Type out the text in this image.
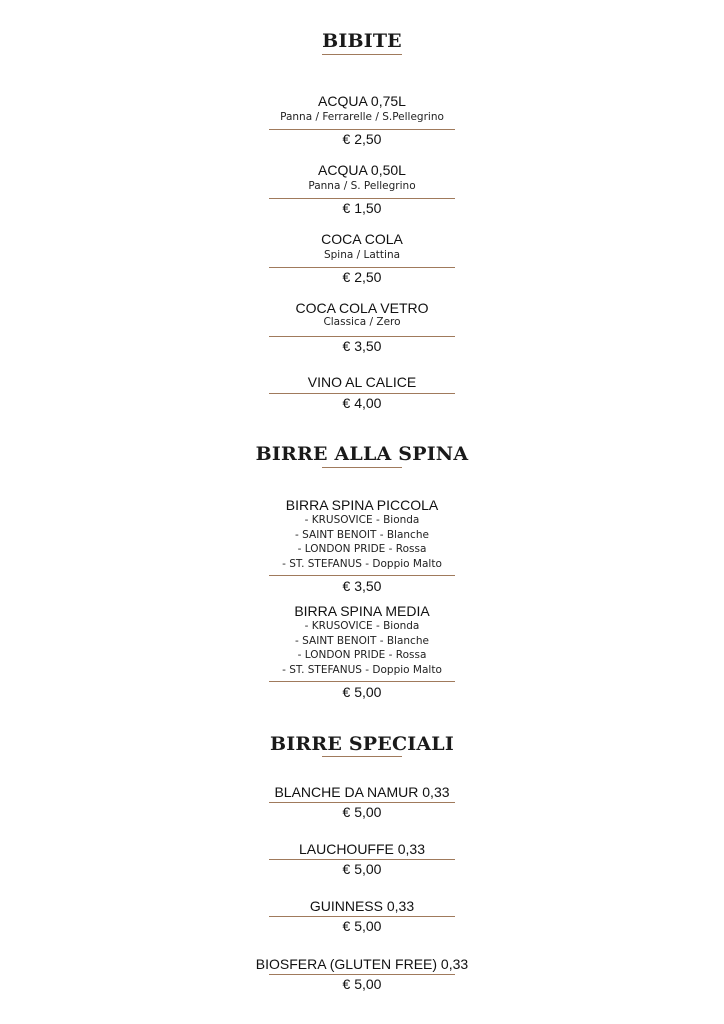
BIBITE
ACQUA 0,75L
Panna / Ferrarelle / S.Pellegrino
€ 2,50
ACQUA 0,50L
Panna / S. Pellegrino
€ 1,50
COCA COLA
Spina / Lattina
€ 2,50
COCA COLA VETRO
Classica / Zero
€ 3,50
VINO AL CALICE
€ 4,00
BIRRE ALLA SPINA
BIRRA SPINA PICCOLA
- KRUSOVICE - Bionda
- SAINT BENOIT - Blanche
- LONDON PRIDE - Rossa
- ST. STEFANUS - Doppio Malto
€ 3,50
BIRRA SPINA MEDIA
- KRUSOVICE - Bionda
- SAINT BENOIT - Blanche
- LONDON PRIDE - Rossa
- ST. STEFANUS - Doppio Malto
€ 5,00
BIRRE SPECIALI
BLANCHE DA NAMUR 0,33
€ 5,00
LAUCHOUFFE 0,33
€ 5,00
GUINNESS 0,33
€ 5,00
BIOSFERA (GLUTEN FREE) 0,33
€ 5,00
